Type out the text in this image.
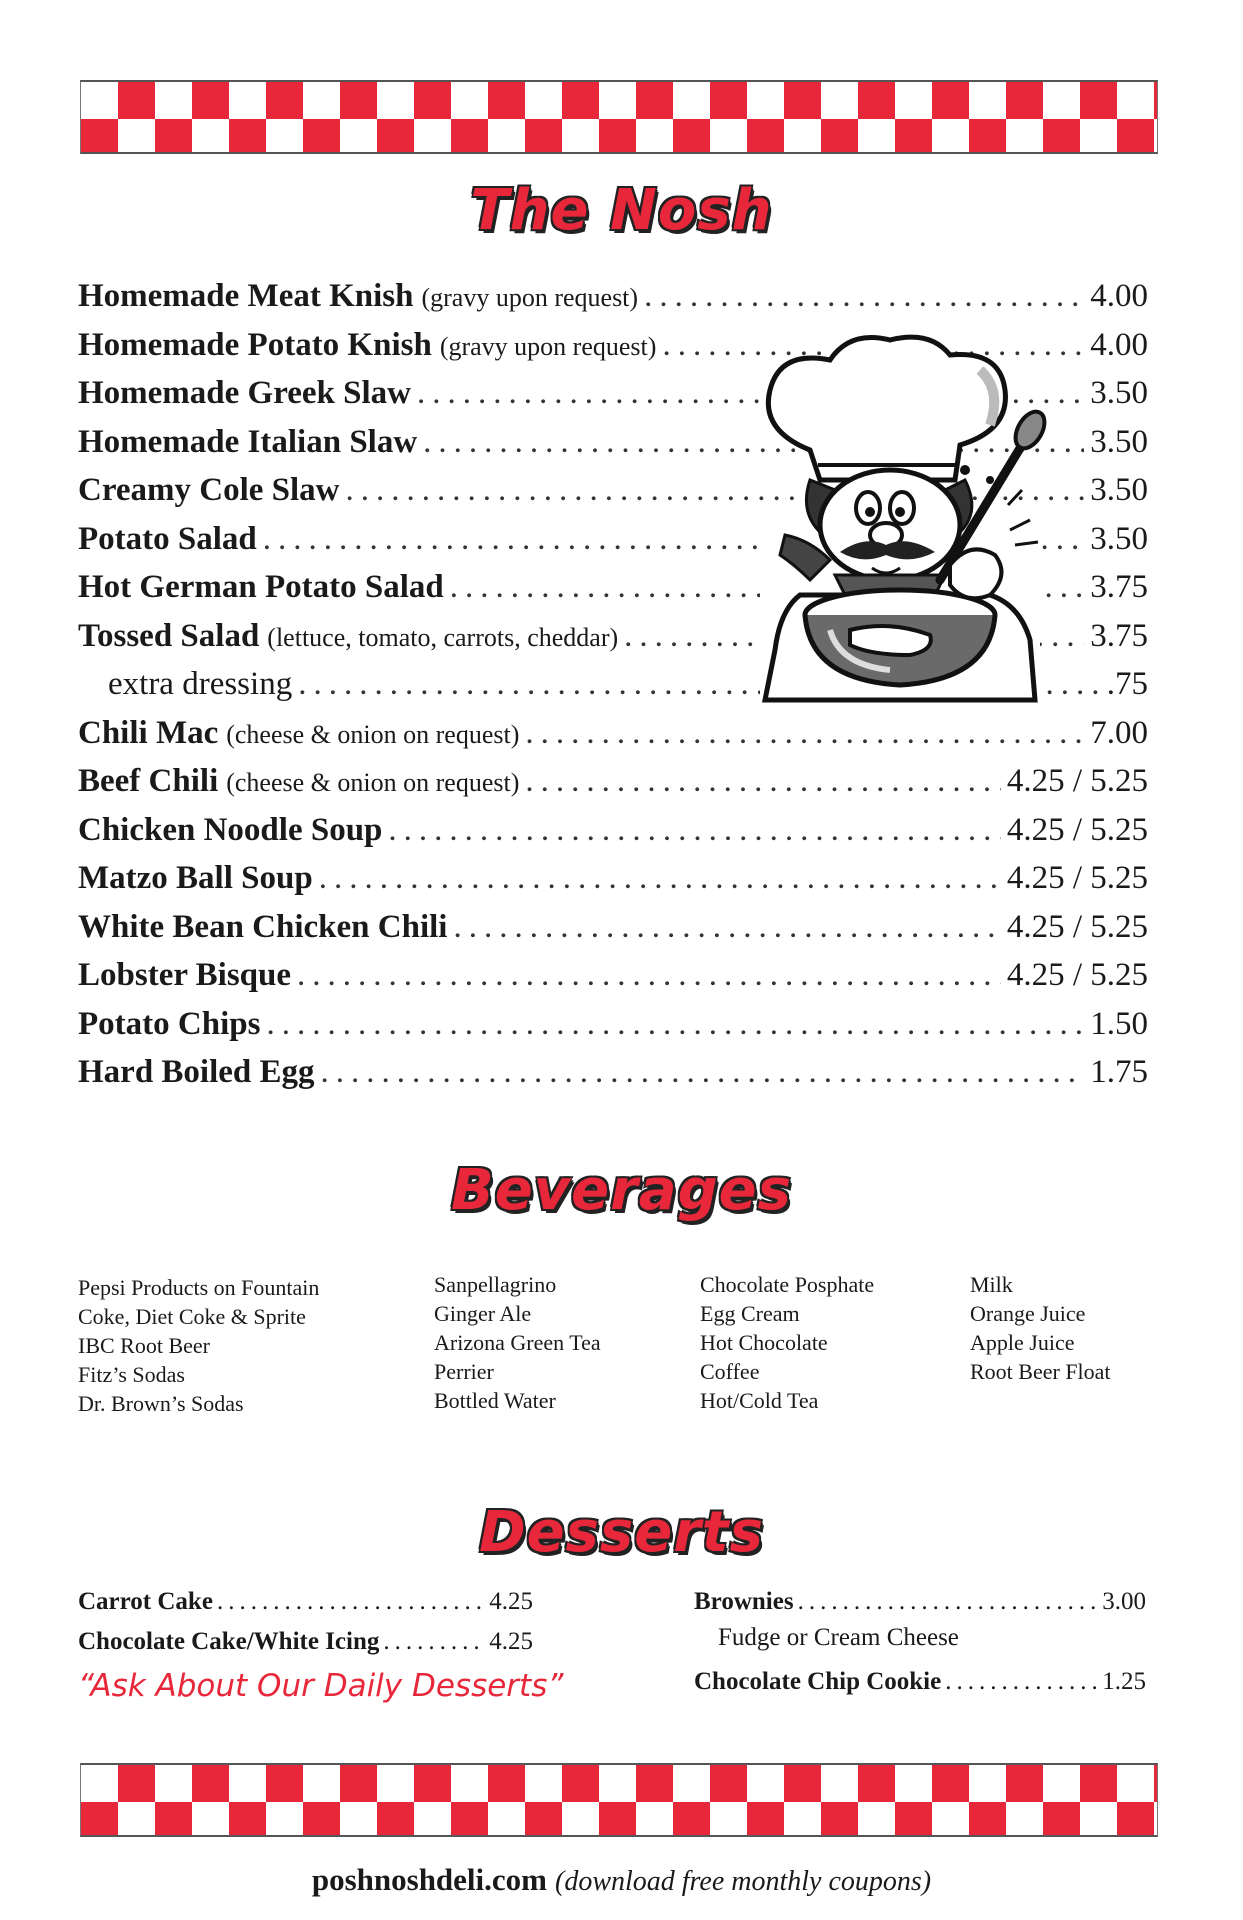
The Nosh
Homemade Meat Knish (gravy upon request) .....	4.00
Homemade Potato Knish (gravy upon request) .....	4.00
Homemade Greek Slaw .....	3.50
Homemade Italian Slaw .....	3.50
Creamy Cole Slaw .....	3.50
Potato Salad .....	3.50
Hot German Potato Salad .....	3.75
Tossed Salad (lettuce, tomato, carrots, cheddar) .....	3.75
extra dressing .....	.75
Chili Mac (cheese & onion on request) .....	7.00
Beef Chili (cheese & onion on request) .....	4.25 / 5.25
Chicken Noodle Soup .....	4.25 / 5.25
Matzo Ball Soup .....	4.25 / 5.25
White Bean Chicken Chili .....	4.25 / 5.25
Lobster Bisque .....	4.25 / 5.25
Potato Chips .....	1.50
Hard Boiled Egg .....	1.75
Beverages
Pepsi Products on Fountain
Coke, Diet Coke & Sprite
IBC Root Beer
Fitz’s Sodas
Dr. Brown’s Sodas
Sanpellagrino
Ginger Ale
Arizona Green Tea
Perrier
Bottled Water
Chocolate Posphate
Egg Cream
Hot Chocolate
Coffee
Hot/Cold Tea
Milk
Orange Juice
Apple Juice
Root Beer Float
Desserts
Carrot Cake .....	4.25
Chocolate Cake/White Icing .....	4.25
“Ask About Our Daily Desserts”
Brownies .....	3.00
Fudge or Cream Cheese
Chocolate Chip Cookie .....	1.25
poshnoshdeli.com (download free monthly coupons)
